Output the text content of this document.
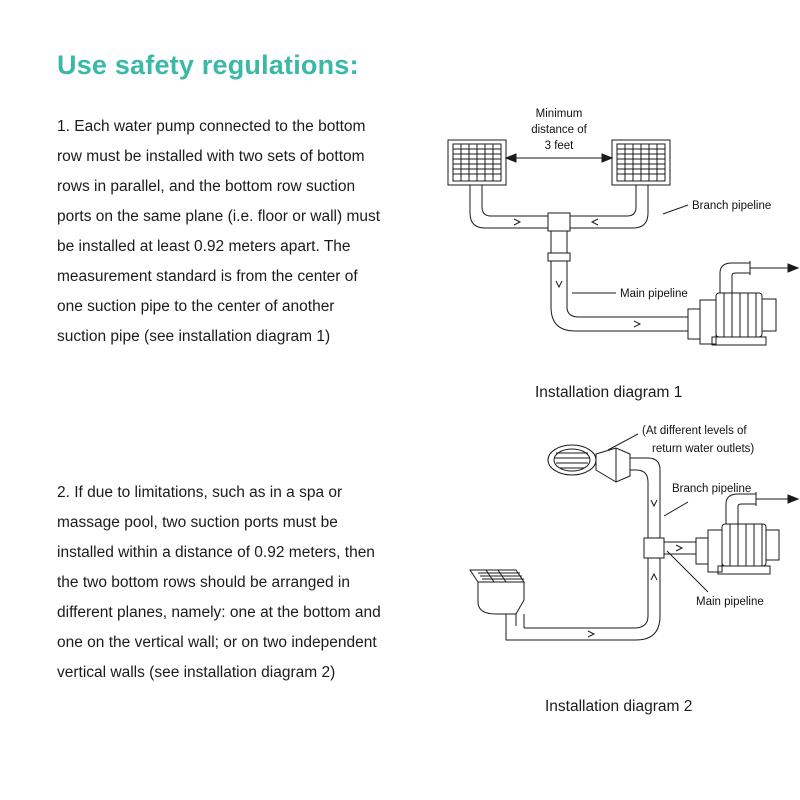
Use safety regulations:
1. Each water pump connected to the bottom row must be installed with two sets of bottom rows in parallel, and the bottom row suction ports on the same plane (i.e. floor or wall) must be installed at least 0.92 meters apart. The measurement standard is from the center of one suction pipe to the center of another suction pipe (see installation diagram 1)
2. If due to limitations, such as in a spa or massage pool, two suction ports must be installed within a distance of 0.92 meters, then the two bottom rows should be arranged in different planes, namely: one at the bottom and one on the vertical wall; or on two independent vertical walls (see installation diagram 2)
Minimum
distance of
3 feet
Branch pipeline
Main pipeline
Installation diagram 1
(At different levels of
return water outlets)
Branch pipeline
Main pipeline
Installation diagram 2
